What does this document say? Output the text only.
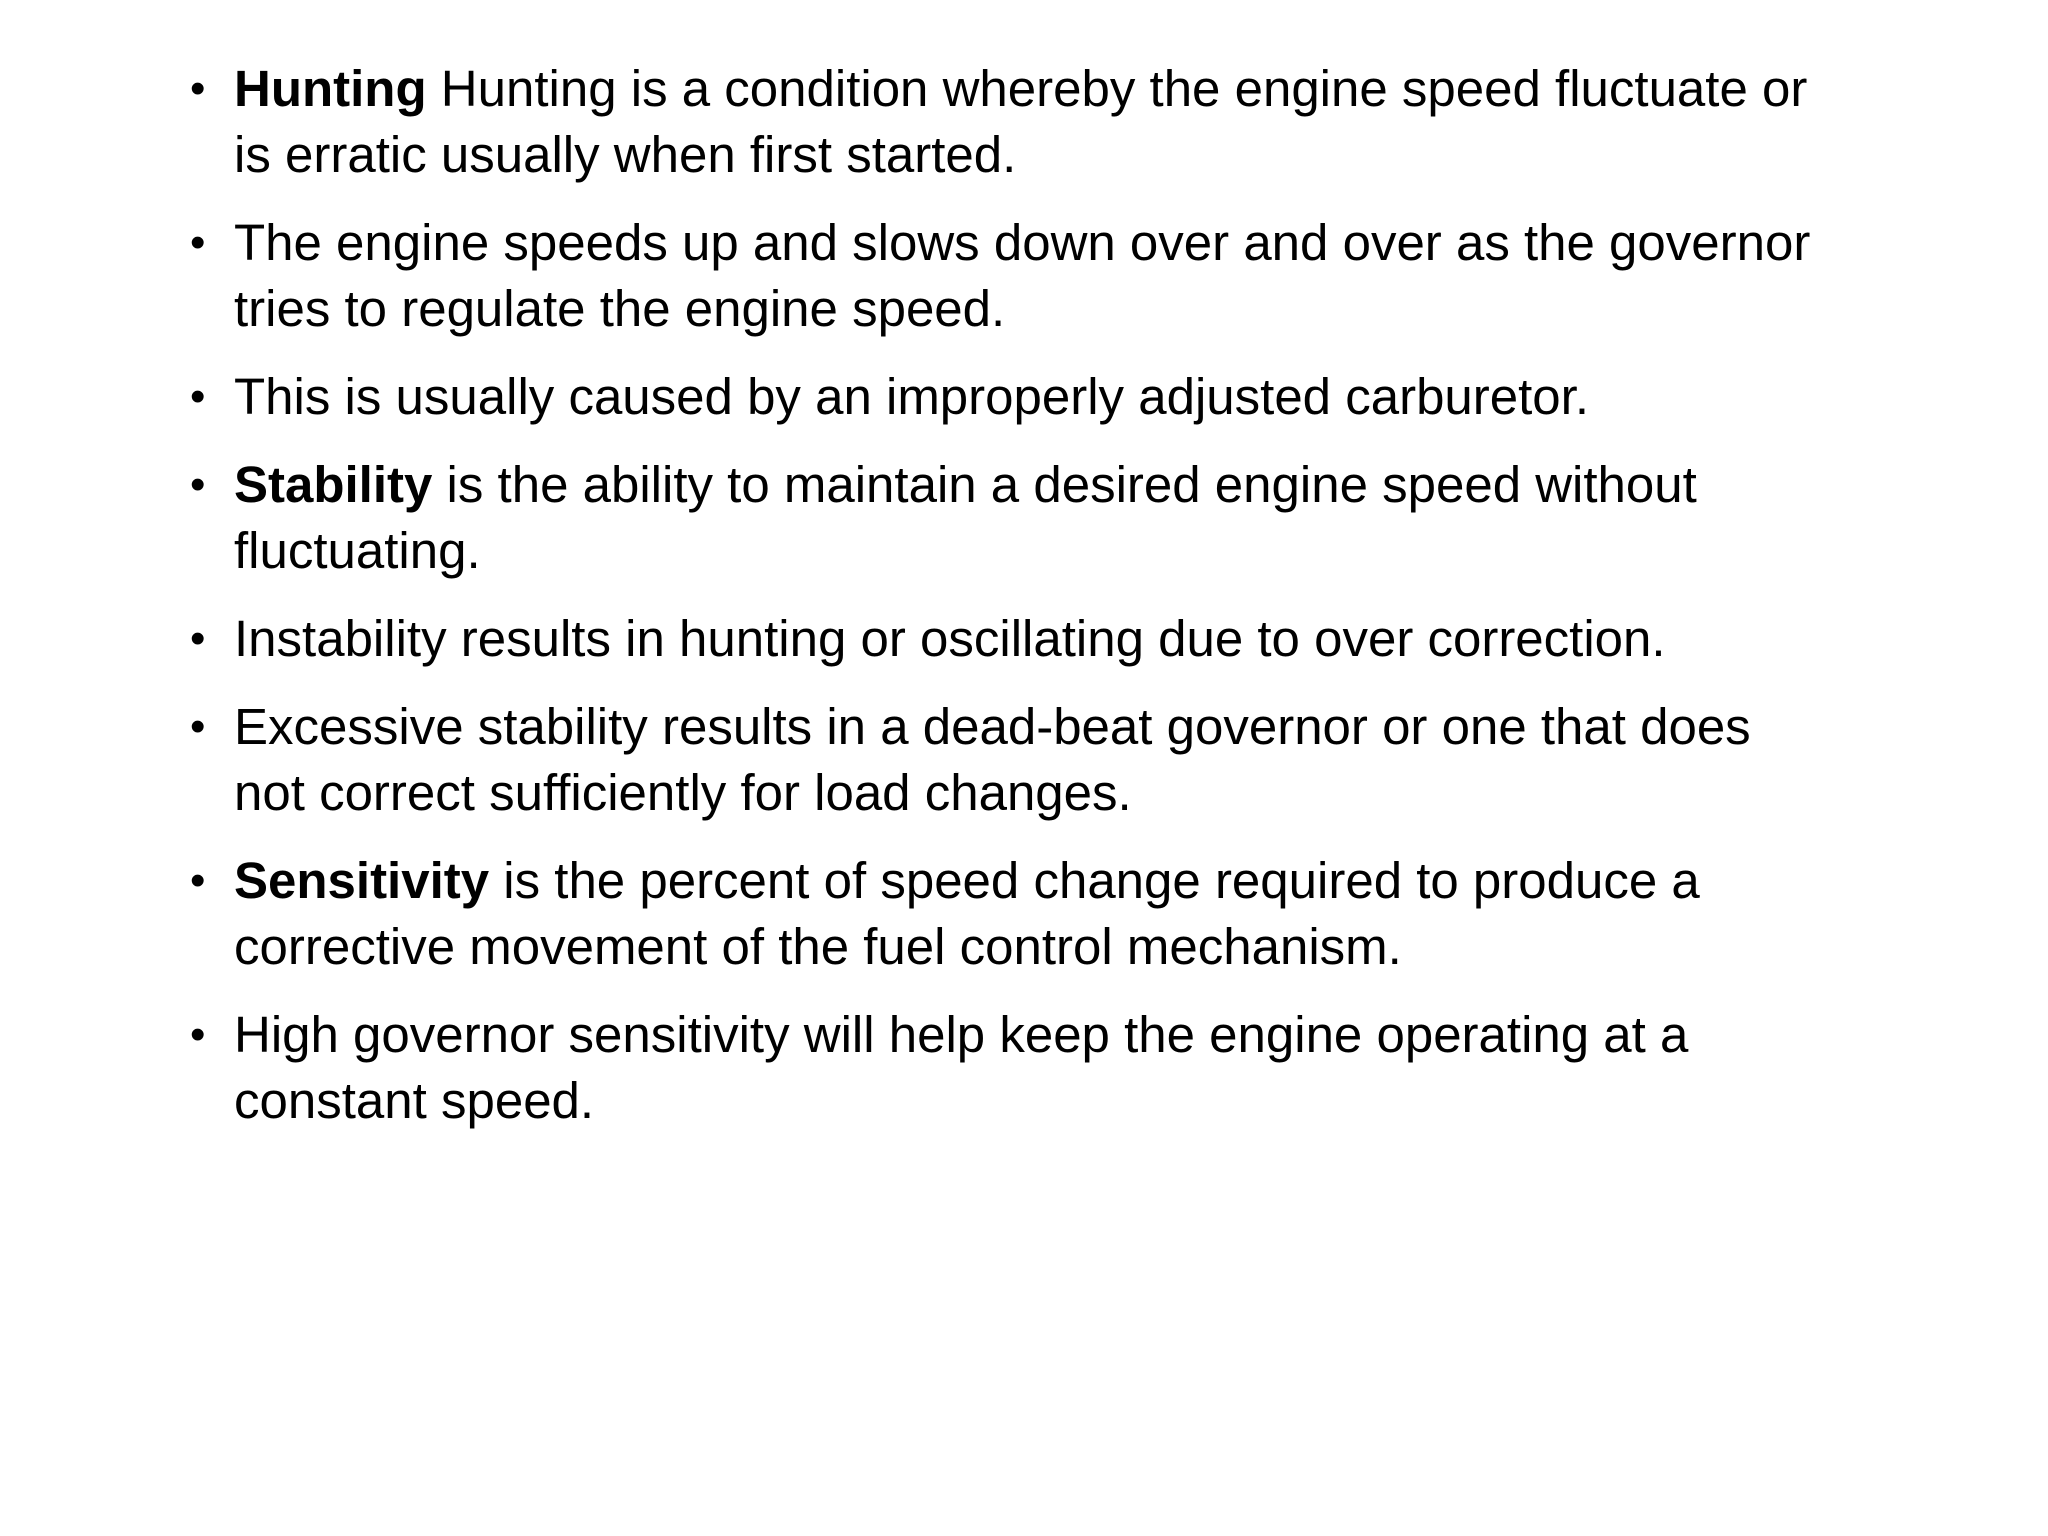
• Hunting Hunting is a condition whereby the engine speed fluctuate or is erratic usually when first started.
• The engine speeds up and slows down over and over as the governor tries to regulate the engine speed.
• This is usually caused by an improperly adjusted carburetor.
• Stability is the ability to maintain a desired engine speed without fluctuating.
• Instability results in hunting or oscillating due to over correction.
• Excessive stability results in a dead-beat governor or one that does not correct sufficiently for load changes.
• Sensitivity is the percent of speed change required to produce a corrective movement of the fuel control mechanism.
• High governor sensitivity will help keep the engine operating at a constant speed.
